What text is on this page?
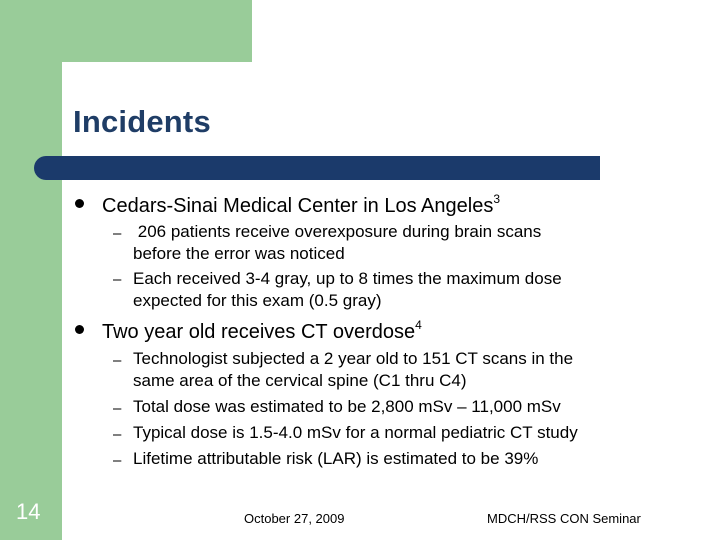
Incidents
Cedars-Sinai Medical Center in Los Angeles$^3$
– 206 patients receive overexposure during brain scans
before the error was noticed
– Each received 3-4 gray, up to 8 times the maximum dose
expected for this exam (0.5 gray)
Two year old receives CT overdose$^4$
– Technologist subjected a 2 year old to 151 CT scans in the
same area of the cervical spine (C1 thru C4)
– Total dose was estimated to be 2,800 mSv – 11,000 mSv
– Typical dose is 1.5-4.0 mSv for a normal pediatric CT study
– Lifetime attributable risk (LAR) is estimated to be 39%
14	October 27, 2009	MDCH/RSS CON Seminar
